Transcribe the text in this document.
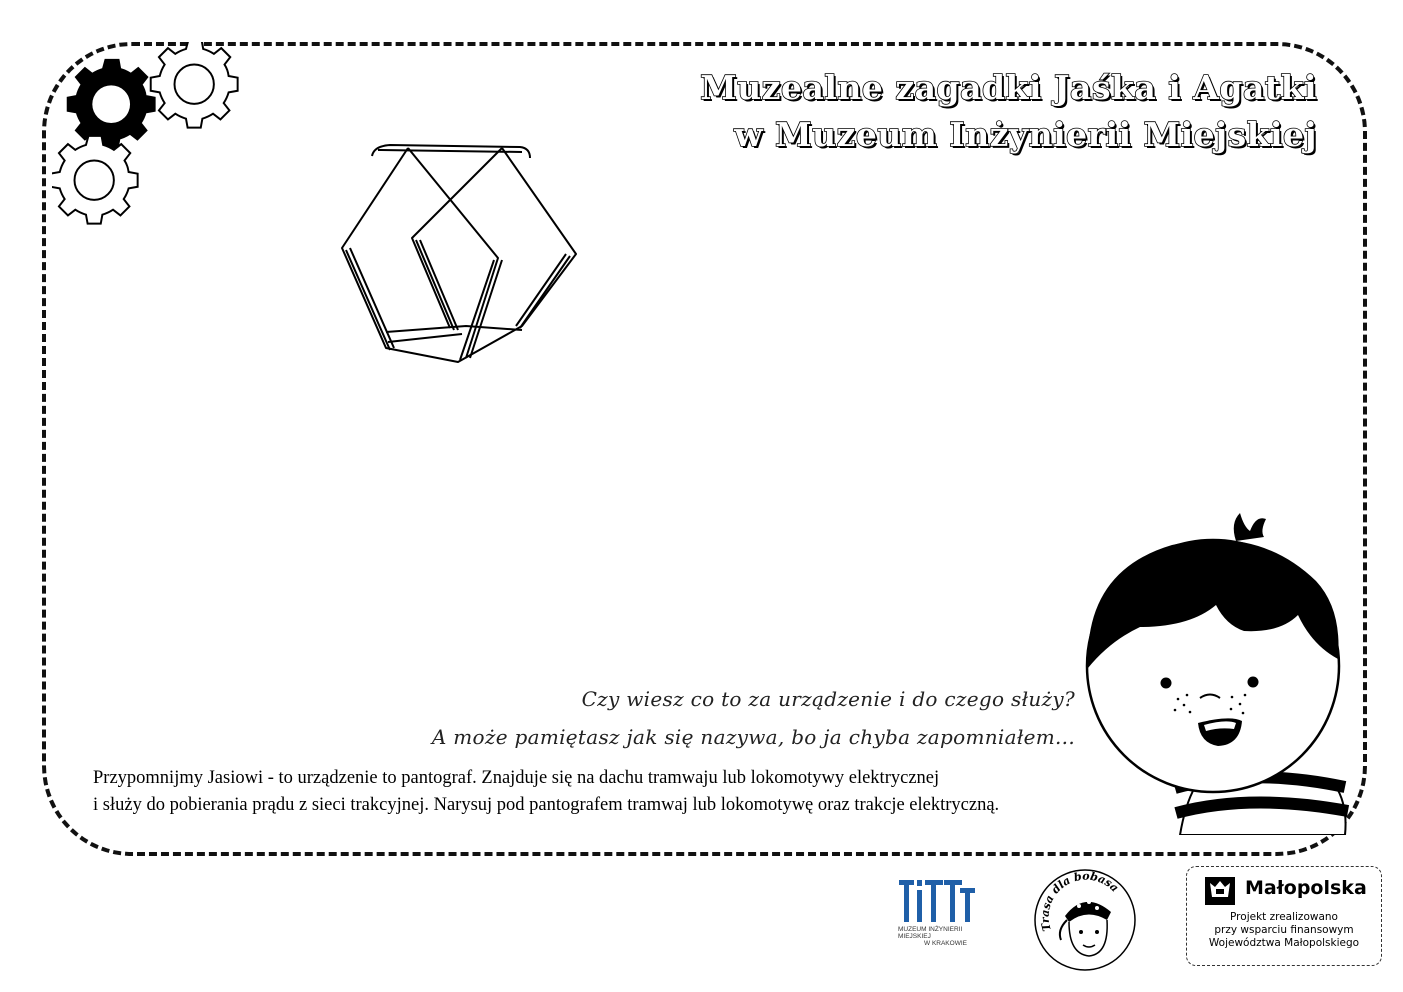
Muzealne zagadki Jaśka i Agatki
w Muzeum Inżynierii Miejskiej
Czy wiesz co to za urządzenie i do czego służy?
A może pamiętasz jak się nazywa, bo ja chyba zapomniałem...
Przypomnijmy Jasiowi - to urządzenie to pantograf. Znajduje się na dachu tramwaju lub lokomotywy elektrycznej
i służy do pobierania prądu z sieci trakcyjnej. Narysuj pod pantografem tramwaj lub lokomotywę oraz trakcje elektryczną.
MUZEUM INŻYNIERII
MIEJSKIEJ
W KRAKOWIE
Trasa dla bobasa	Małopolska
Projekt zrealizowano
przy wsparciu finansowym
Województwa Małopolskiego
